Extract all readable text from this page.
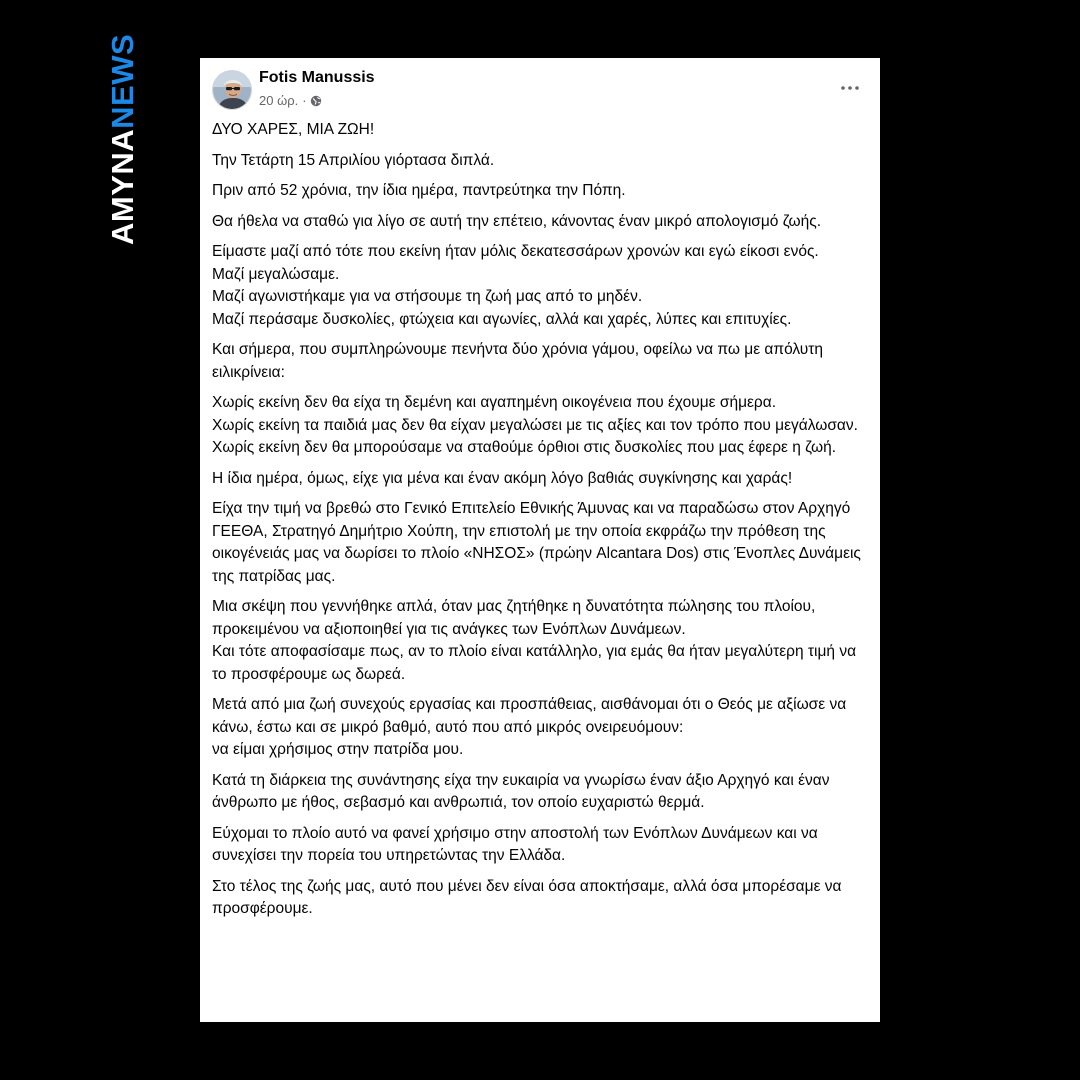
AMYNANEWS	Fotis Manussis
20 ώρ. ·

ΔΥΟ ΧΑΡΕΣ, ΜΙΑ ΖΩΗ!

Την Τετάρτη 15 Απριλίου γιόρτασα διπλά.

Πριν από 52 χρόνια, την ίδια ημέρα, παντρεύτηκα την Πόπη.

Θα ήθελα να σταθώ για λίγο σε αυτή την επέτειο, κάνοντας έναν μικρό απολογισμό ζωής.

Είμαστε μαζί από τότε που εκείνη ήταν μόλις δεκατεσσάρων χρονών και εγώ είκοσι ενός.
Μαζί μεγαλώσαμε.
Μαζί αγωνιστήκαμε για να στήσουμε τη ζωή μας από το μηδέν.
Μαζί περάσαμε δυσκολίες, φτώχεια και αγωνίες, αλλά και χαρές, λύπες και επιτυχίες.

Και σήμερα, που συμπληρώνουμε πενήντα δύο χρόνια γάμου, οφείλω να πω με απόλυτη ειλικρίνεια:

Χωρίς εκείνη δεν θα είχα τη δεμένη και αγαπημένη οικογένεια που έχουμε σήμερα.
Χωρίς εκείνη τα παιδιά μας δεν θα είχαν μεγαλώσει με τις αξίες και τον τρόπο που μεγάλωσαν.
Χωρίς εκείνη δεν θα μπορούσαμε να σταθούμε όρθιοι στις δυσκολίες που μας έφερε η ζωή.

Η ίδια ημέρα, όμως, είχε για μένα και έναν ακόμη λόγο βαθιάς συγκίνησης και χαράς!

Είχα την τιμή να βρεθώ στο Γενικό Επιτελείο Εθνικής Άμυνας και να παραδώσω στον Αρχηγό ΓΕΕΘΑ, Στρατηγό Δημήτριο Χούπη, την επιστολή με την οποία εκφράζω την πρόθεση της οικογένειάς μας να δωρίσει το πλοίο «ΝΗΣΟΣ» (πρώην Alcantara Dos) στις Ένοπλες Δυνάμεις της πατρίδας μας.

Μια σκέψη που γεννήθηκε απλά, όταν μας ζητήθηκε η δυνατότητα πώλησης του πλοίου, προκειμένου να αξιοποιηθεί για τις ανάγκες των Ενόπλων Δυνάμεων.
Και τότε αποφασίσαμε πως, αν το πλοίο είναι κατάλληλο, για εμάς θα ήταν μεγαλύτερη τιμή να το προσφέρουμε ως δωρεά.

Μετά από μια ζωή συνεχούς εργασίας και προσπάθειας, αισθάνομαι ότι ο Θεός με αξίωσε να κάνω, έστω και σε μικρό βαθμό, αυτό που από μικρός ονειρευόμουν:
να είμαι χρήσιμος στην πατρίδα μου.

Κατά τη διάρκεια της συνάντησης είχα την ευκαιρία να γνωρίσω έναν άξιο Αρχηγό και έναν άνθρωπο με ήθος, σεβασμό και ανθρωπιά, τον οποίο ευχαριστώ θερμά.

Εύχομαι το πλοίο αυτό να φανεί χρήσιμο στην αποστολή των Ενόπλων Δυνάμεων και να συνεχίσει την πορεία του υπηρετώντας την Ελλάδα.

Στο τέλος της ζωής μας, αυτό που μένει δεν είναι όσα αποκτήσαμε, αλλά όσα μπορέσαμε να προσφέρουμε.
